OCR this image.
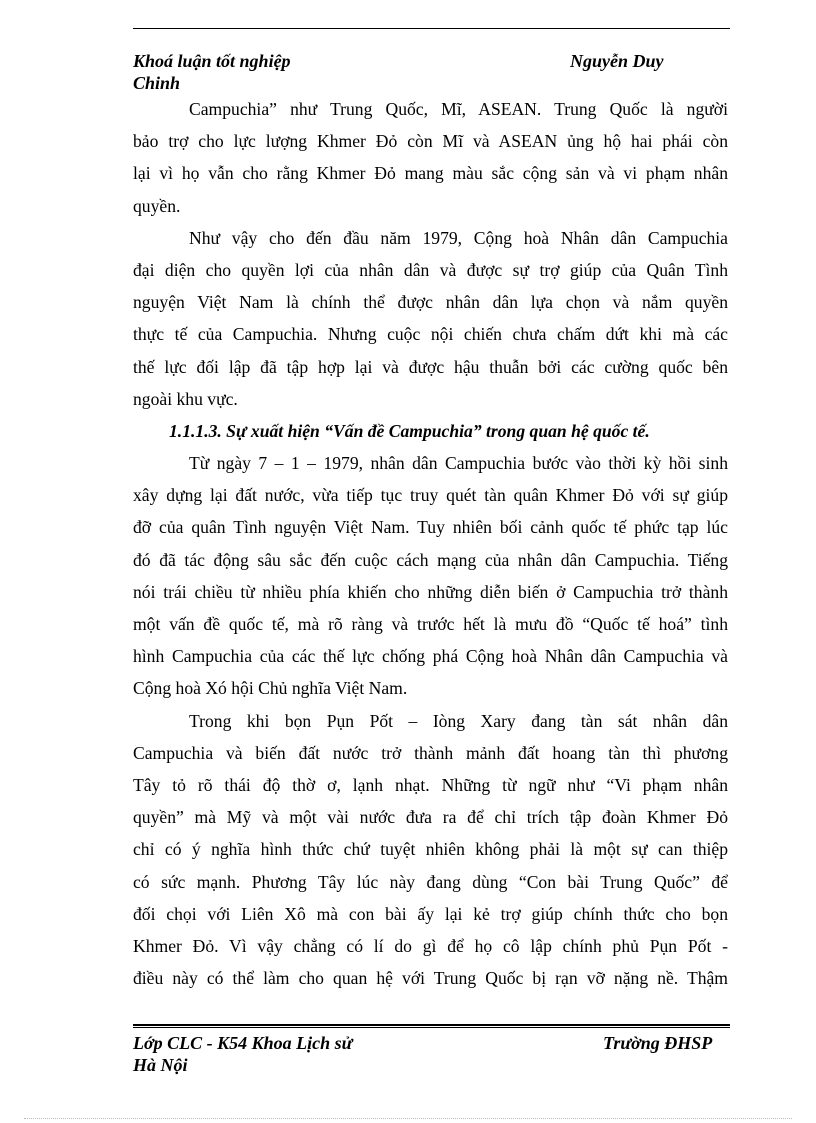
Khoá luận tốt nghiệp	Nguyễn Duy
Chinh
Campuchia” như Trung Quốc, Mĩ, ASEAN. Trung Quốc là người
bảo trợ cho lực lượng Khmer Đỏ còn Mĩ và ASEAN ủng hộ hai phái còn
lại vì họ vẫn cho rằng Khmer Đỏ mang màu sắc cộng sản và vi phạm nhân
quyền.
Như vậy cho đến đầu năm 1979, Cộng hoà Nhân dân Campuchia
đại diện cho quyền lợi của nhân dân và được sự trợ giúp của Quân Tình
nguyện Việt Nam là chính thể được nhân dân lựa chọn và nắm quyền
thực tế của Campuchia. Nhưng cuộc nội chiến chưa chấm dứt khi mà các
thế lực đối lập đã tập hợp lại và được hậu thuẫn bởi các cường quốc bên
ngoài khu vực.
1.1.1.3. Sự xuất hiện “Vấn đề Campuchia” trong quan hệ quốc tế.
Từ ngày 7 – 1 – 1979, nhân dân Campuchia bước vào thời kỳ hồi sinh
xây dựng lại đất nước, vừa tiếp tục truy quét tàn quân Khmer Đỏ với sự giúp
đỡ của quân Tình nguyện Việt Nam. Tuy nhiên bối cảnh quốc tế phức tạp lúc
đó đã tác động sâu sắc đến cuộc cách mạng của nhân dân Campuchia. Tiếng
nói trái chiều từ nhiều phía khiến cho những diễn biến ở Campuchia trở thành
một vấn đề quốc tế, mà rõ ràng và trước hết là mưu đồ “Quốc tế hoá” tình
hình Campuchia của các thế lực chống phá Cộng hoà Nhân dân Campuchia và
Cộng hoà Xó hội Chủ nghĩa Việt Nam.
Trong khi bọn Pụn Pốt – Iòng Xary đang tàn sát nhân dân
Campuchia và biến đất nước trở thành mảnh đất hoang tàn thì phương
Tây tỏ rõ thái độ thờ ơ, lạnh nhạt. Những từ ngữ như “Vi phạm nhân
quyền” mà Mỹ và một vài nước đưa ra để chỉ trích tập đoàn Khmer Đỏ
chỉ có ý nghĩa hình thức chứ tuyệt nhiên không phải là một sự can thiệp
có sức mạnh. Phương Tây lúc này đang dùng “Con bài Trung Quốc” để
đối chọi với Liên Xô mà con bài ấy lại kẻ trợ giúp chính thức cho bọn
Khmer Đỏ. Vì vậy chẳng có lí do gì để họ cô lập chính phủ Pụn Pốt -
điều này có thể làm cho quan hệ với Trung Quốc bị rạn vỡ nặng nề. Thậm
Lớp CLC - K54 Khoa Lịch sử	Trường ĐHSP
Hà Nội
